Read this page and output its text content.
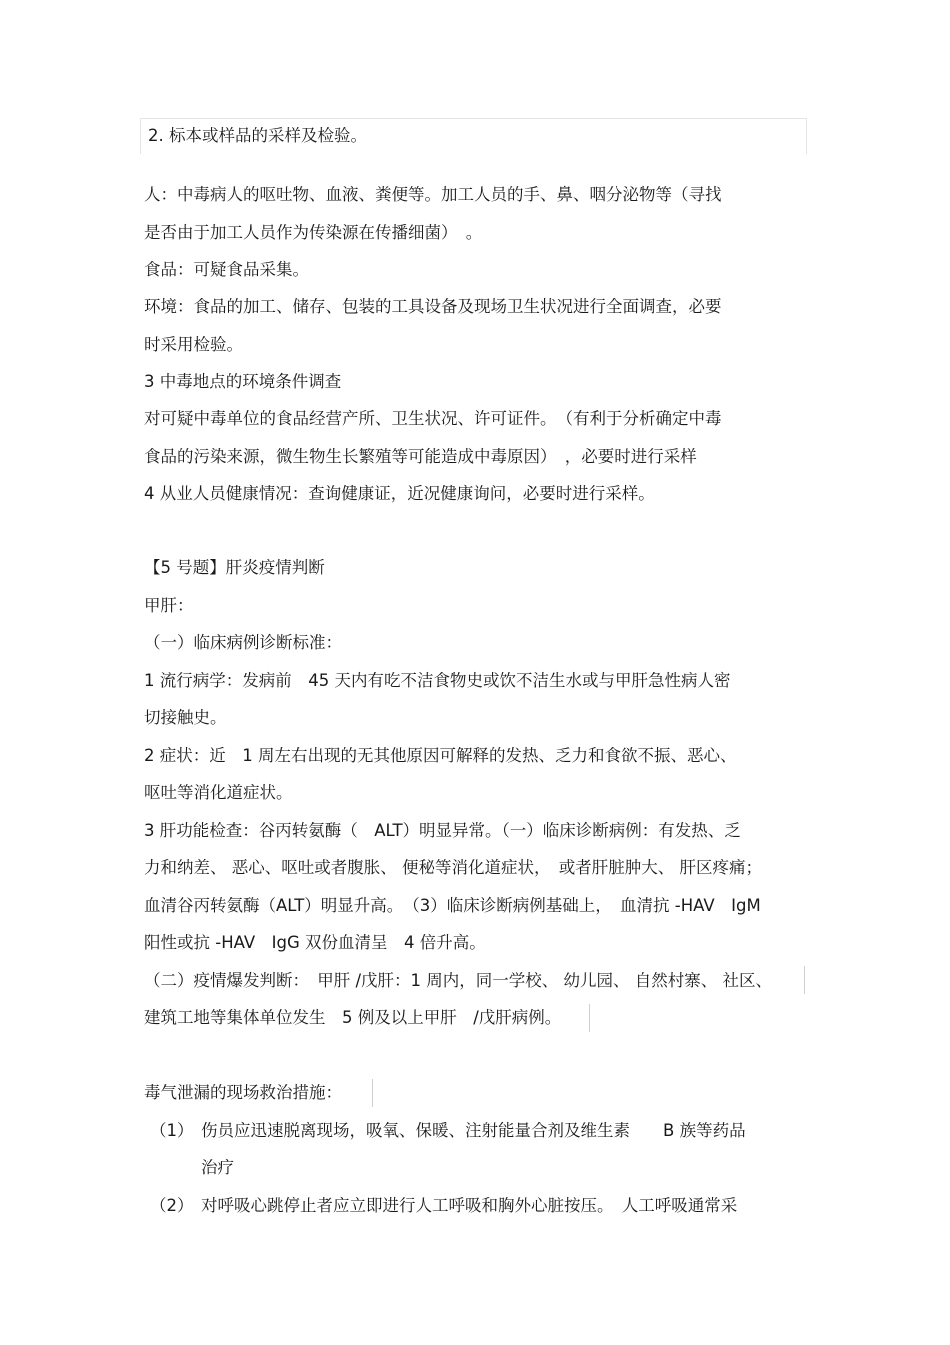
2. 标本或样品的采样及检验。
人：中毒病人的呕吐物、血液、粪便等。加工人员的手、鼻、咽分泌物等（寻找
是否由于加工人员作为传染源在传播细菌）　。
食品：可疑食品采集。
环境：食品的加工、储存、包装的工具设备及现场卫生状况进行全面调查，必要
时采用检验。
3 中毒地点的环境条件调查
对可疑中毒单位的食品经营产所、卫生状况、许可证件。　（有利于分析确定中毒
食品的污染来源，微生物生长繁殖等可能造成中毒原因）　，必要时进行采样
4 从业人员健康情况：查询健康证，近况健康询问，必要时进行采样。
【5 号题】肝炎疫情判断
甲肝：
（一）临床病例诊断标准：
1 流行病学：发病前　45 天内有吃不洁食物史或饮不洁生水或与甲肝急性病人密
切接触史。
2 症状：近　1 周左右出现的无其他原因可解释的发热、乏力和食欲不振、恶心、
呕吐等消化道症状。
3 肝功能检查：谷丙转氨酶（　ALT）明显异常。（一）临床诊断病例：有发热、乏
力和纳差、 恶心、呕吐或者腹胀、 便秘等消化道症状，　或者肝脏肿大、 肝区疼痛；
血清谷丙转氨酶（ALT）明显升高。　（3）临床诊断病例基础上，　血清抗 -HAV　IgM
阳性或抗 -HAV　IgG 双份血清呈　4 倍升高。
（二）疫情爆发判断：　甲肝 /戊肝：1 周内，同一学校、 幼儿园、 自然村寨、 社区、
建筑工地等集体单位发生　5 例及以上甲肝　/戊肝病例。
毒气泄漏的现场救治措施：
（1） 伤员应迅速脱离现场，吸氧、保暖、注射能量合剂及维生素　　B 族等药品
治疗
（2） 对呼吸心跳停止者应立即进行人工呼吸和胸外心脏按压。　人工呼吸通常采
